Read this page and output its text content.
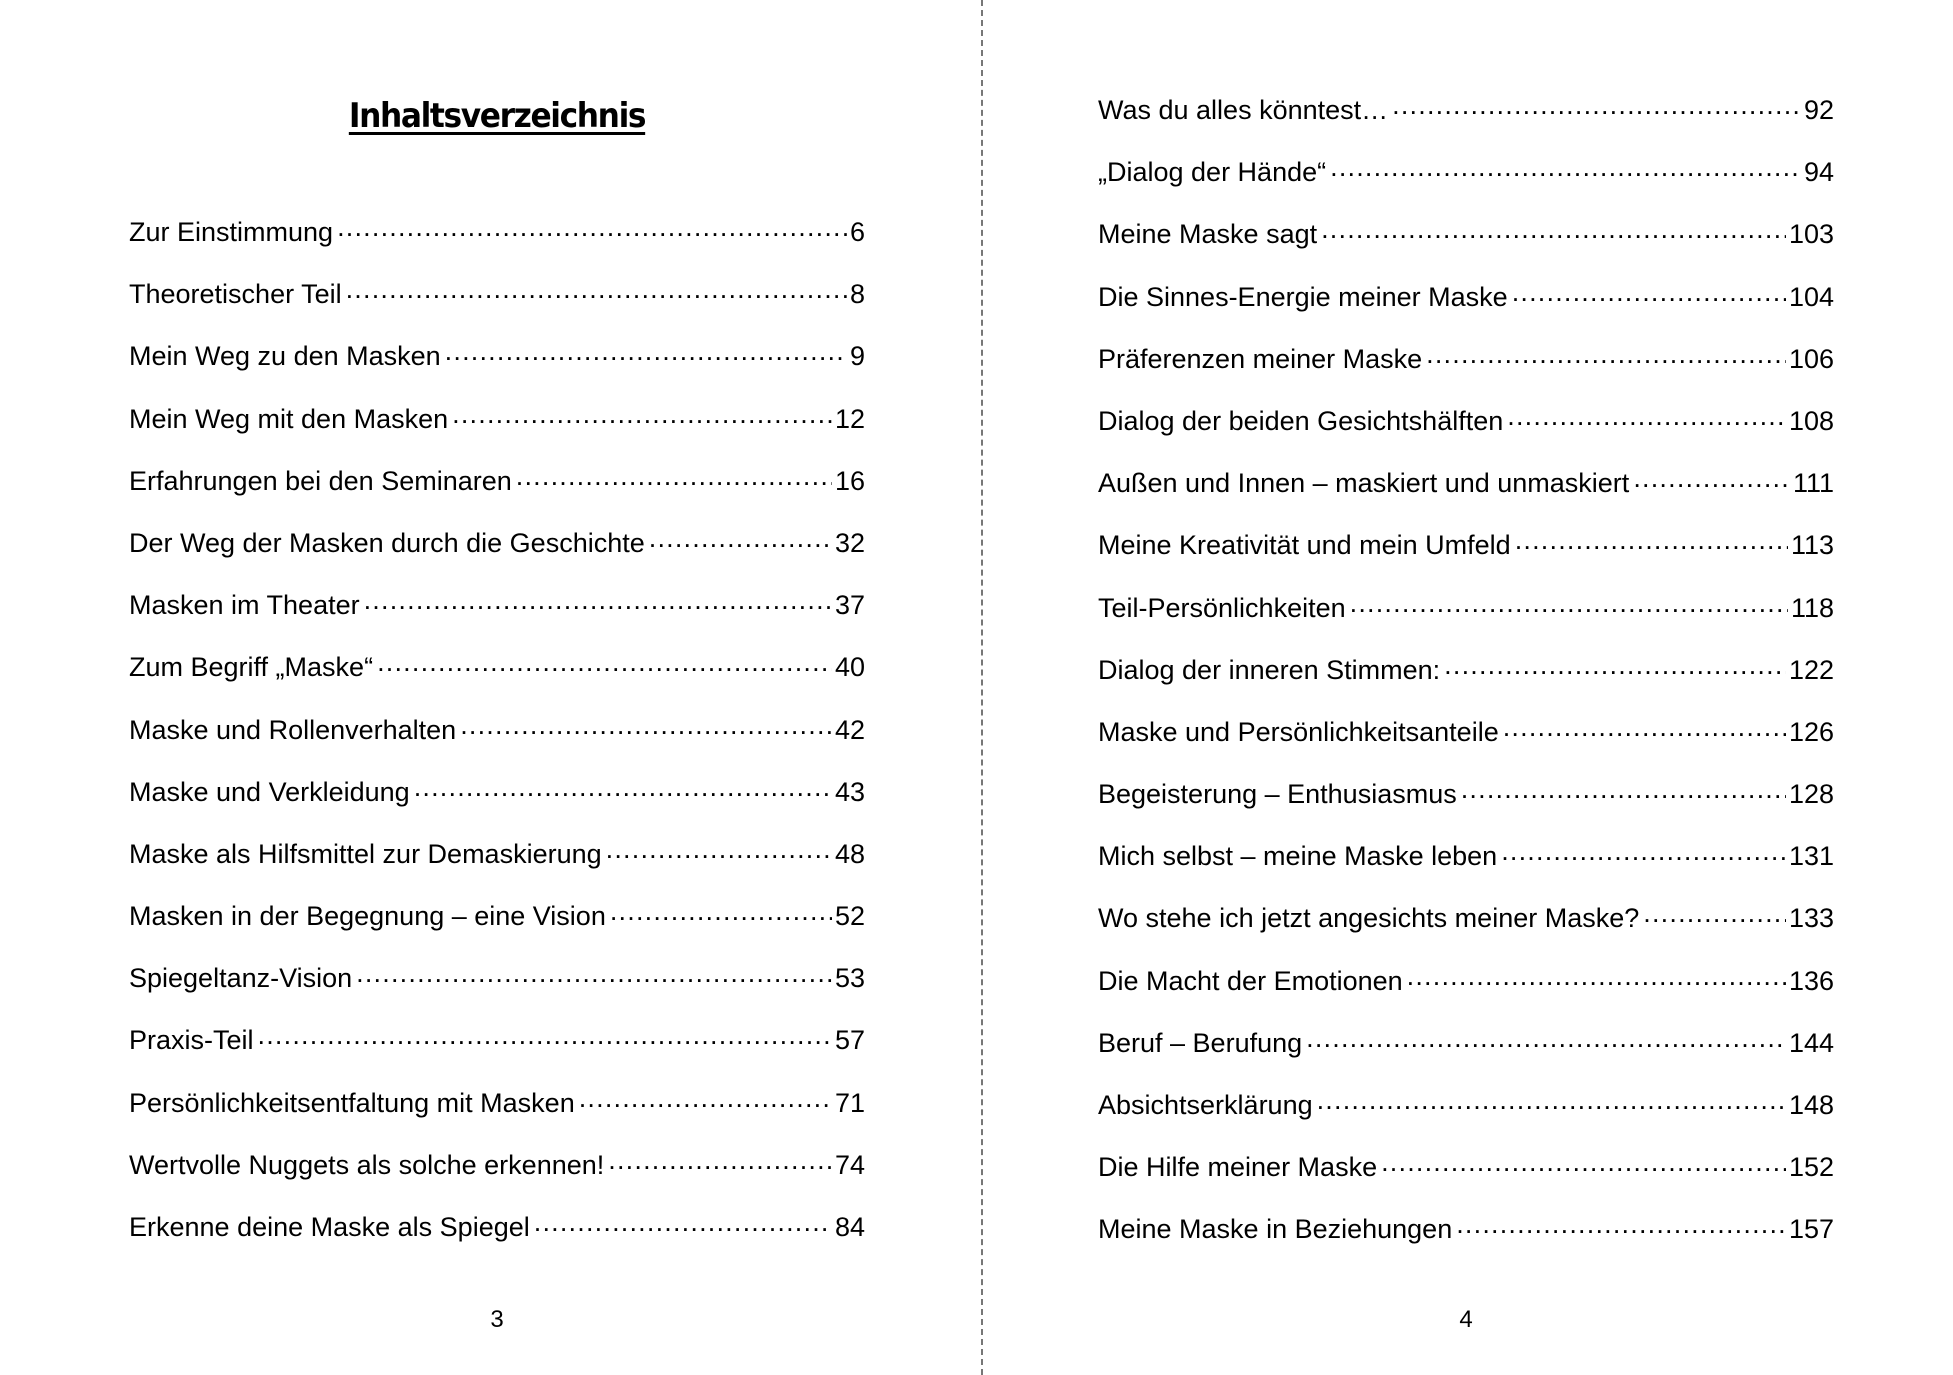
Inhaltsverzeichnis
Zur Einstimmung .....	6
Theoretischer Teil .....	8
Mein Weg zu den Masken .....	9
Mein Weg mit den Masken .....	12
Erfahrungen bei den Seminaren .....	16
Der Weg der Masken durch die Geschichte .....	32
Masken im Theater .....	37
Zum Begriff „Maske“ .....	40
Maske und Rollenverhalten .....	42
Maske und Verkleidung .....	43
Maske als Hilfsmittel zur Demaskierung .....	48
Masken in der Begegnung – eine Vision .....	52
Spiegeltanz-Vision .....	53
Praxis-Teil .....	57
Persönlichkeitsentfaltung mit Masken .....	71
Wertvolle Nuggets als solche erkennen! .....	74
Erkenne deine Maske als Spiegel .....	84
Was du alles könntest… .....	92
„Dialog der Hände“ .....	94
Meine Maske sagt .....	103
Die Sinnes-Energie meiner Maske .....	104
Präferenzen meiner Maske .....	106
Dialog der beiden Gesichtshälften .....	108
Außen und Innen – maskiert und unmaskiert .....	111
Meine Kreativität und mein Umfeld .....	113
Teil-Persönlichkeiten .....	118
Dialog der inneren Stimmen: .....	122
Maske und Persönlichkeitsanteile .....	126
Begeisterung – Enthusiasmus .....	128
Mich selbst – meine Maske leben .....	131
Wo stehe ich jetzt angesichts meiner Maske? .....	133
Die Macht der Emotionen .....	136
Beruf – Berufung .....	144
Absichtserklärung .....	148
Die Hilfe meiner Maske .....	152
Meine Maske in Beziehungen .....	157
3	4
